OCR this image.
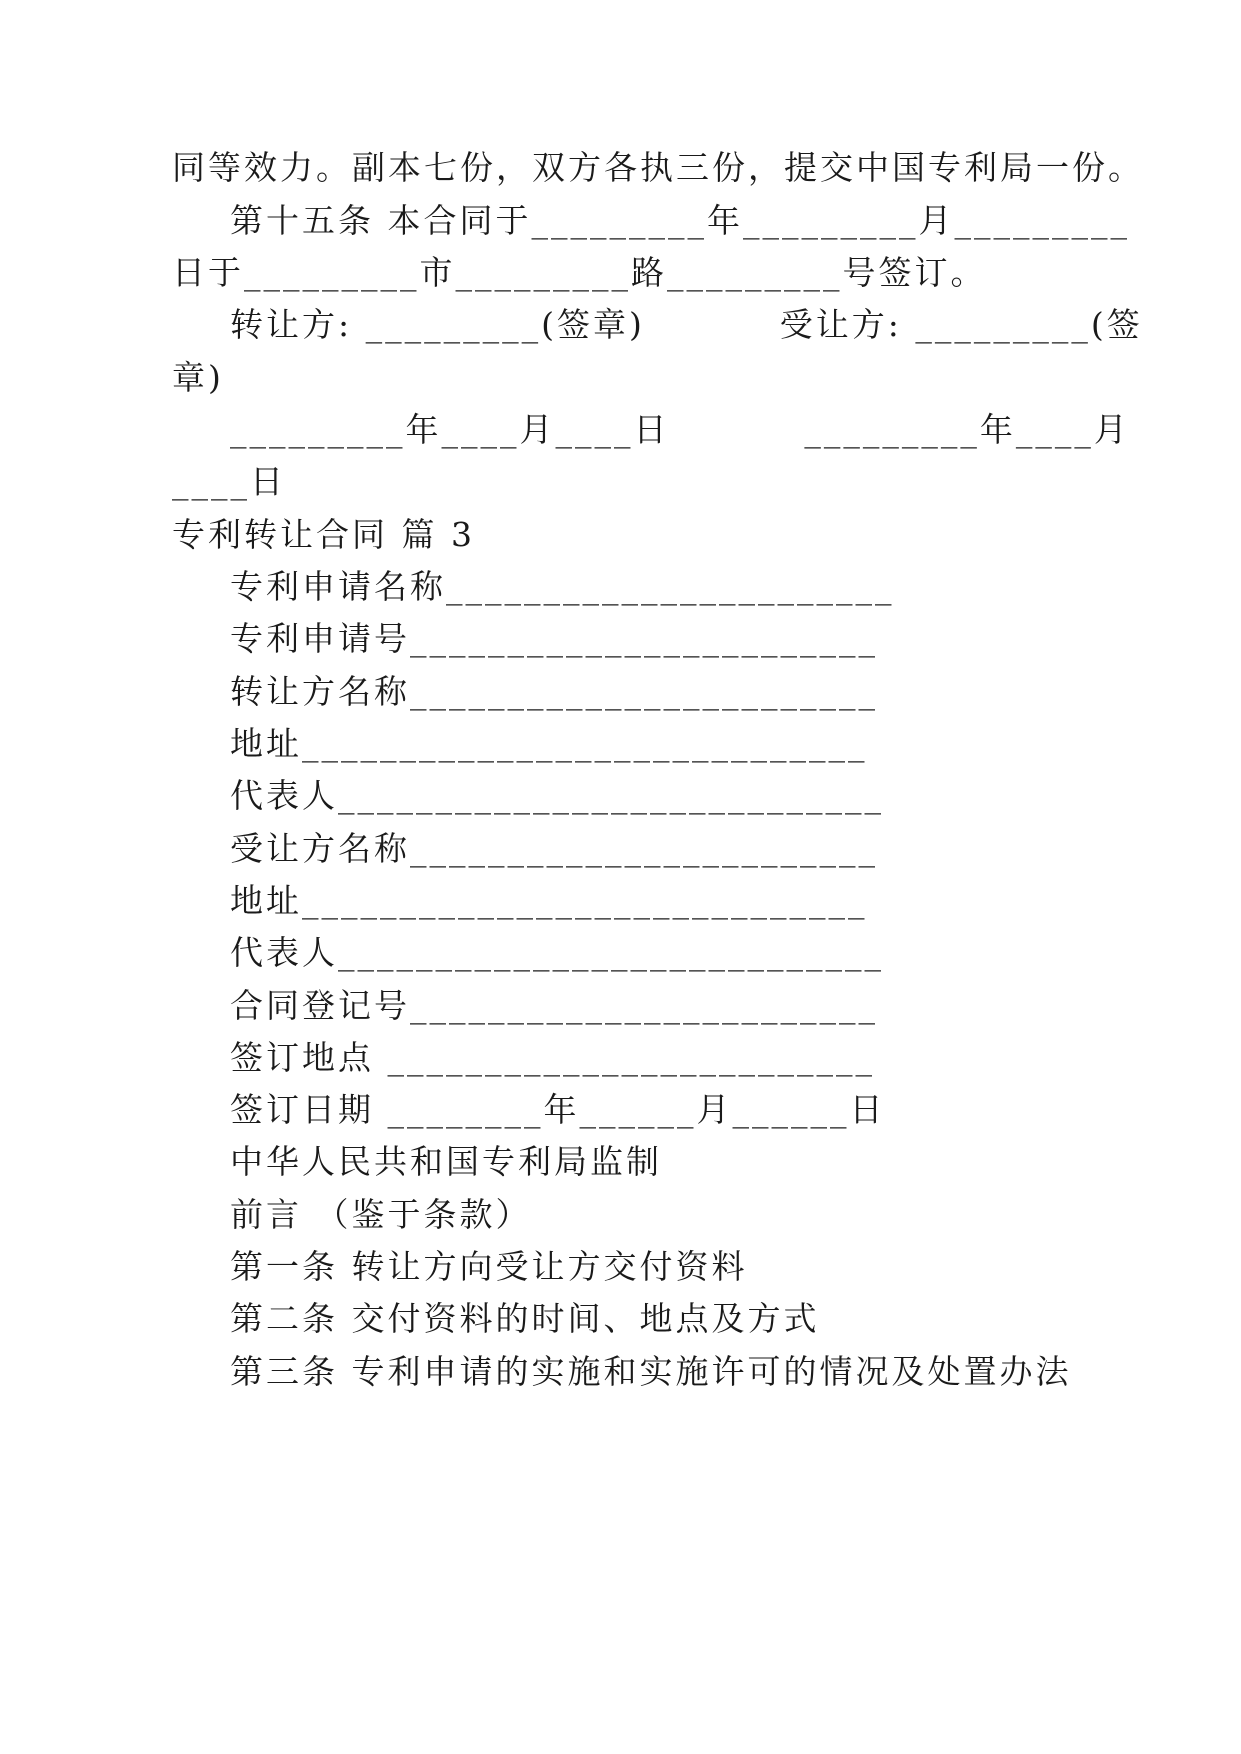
同等效力。副本七份，双方各执三份，提交中国专利局一份。
第十五条 本合同于_________年_________月_________
日于_________市_________路_________号签订。
转让方: _________(签章)          受让方: _________(签
章)
_________年____月____日          _________年____月
____日
专利转让合同 篇 3
专利申请名称_______________________
专利申请号________________________
转让方名称________________________
地址_____________________________
代表人____________________________
受让方名称________________________
地址_____________________________
代表人____________________________
合同登记号________________________
签订地点 _________________________
签订日期 ________年______月______日
中华人民共和国专利局监制
前言 （鉴于条款）
第一条 转让方向受让方交付资料
第二条 交付资料的时间、地点及方式
第三条 专利申请的实施和实施许可的情况及处置办法
